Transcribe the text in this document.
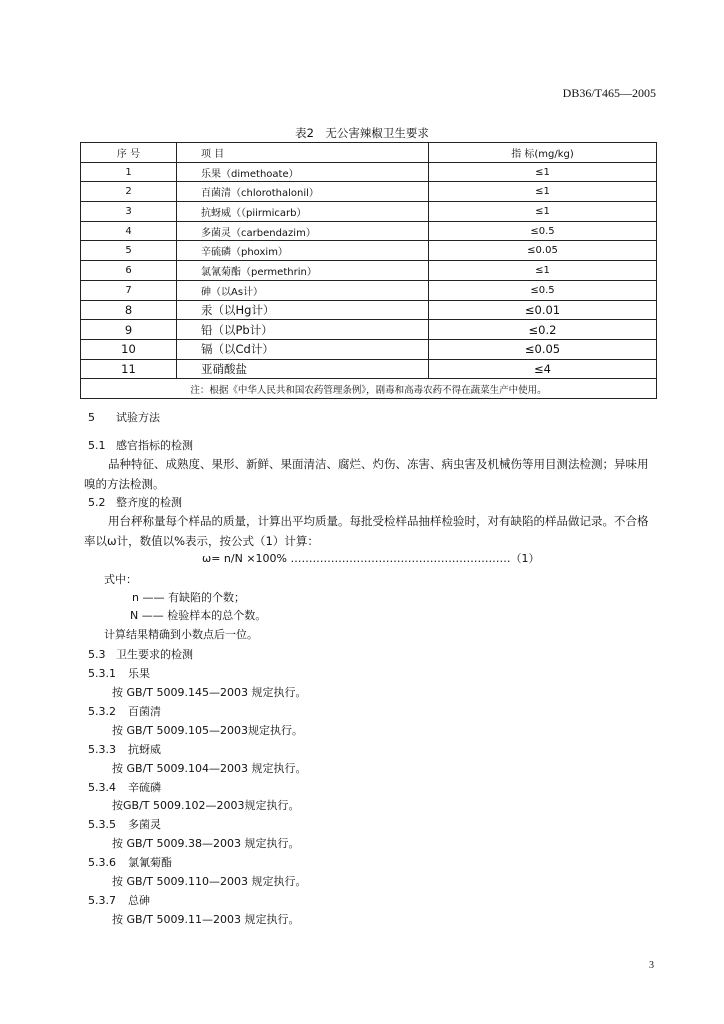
DB36/T465—2005
表2　无公害辣椒卫生要求
序 号	项 目	指 标(mg/kg)
1	乐果（dimethoate）	≤1
2	百菌清（chlorothalonil）	≤1
3	抗蚜威（（piirmicarb）	≤1
4	多菌灵（carbendazim）	≤0.5
5	辛硫磷（phoxim）	≤0.05
6	氯氰菊酯（permethrin）	≤1
7	砷（以As计）	≤0.5
8	汞（以Hg计）	≤0.01
9	铅（以Pb计）	≤0.2
10	镉（以Cd计）	≤0.05
11	亚硝酸盐	≤4
注：根据《中华人民共和国农药管理条例》，剧毒和高毒农药不得在蔬菜生产中使用。		
5 试验方法
5.1 感官指标的检测
品种特征、成熟度、果形、新鲜、果面清洁、腐烂、灼伤、冻害、病虫害及机械伤等用目测法检测；异味用嗅的方法检测。
5.2 整齐度的检测
用台秤称量每个样品的质量，计算出平均质量。每批受检样品抽样检验时，对有缺陷的样品做记录。不合格率以ω计，数值以%表示，按公式（1）计算：
ω= n/N ×100% ……………………………………………………（1）
式中：
n —— 有缺陷的个数；
N —— 检验样本的总个数。
计算结果精确到小数点后一位。
5.3 卫生要求的检测
5.3.1 乐果
按 GB/T 5009.145—2003 规定执行。
5.3.2 百菌清
按 GB/T 5009.105—2003规定执行。
5.3.3 抗蚜威
按 GB/T 5009.104—2003 规定执行。
5.3.4 辛硫磷
按GB/T 5009.102—2003规定执行。
5.3.5 多菌灵
按 GB/T 5009.38—2003 规定执行。
5.3.6 氯氰菊酯
按 GB/T 5009.110—2003 规定执行。
5.3.7 总砷
按 GB/T 5009.11—2003 规定执行。
3
